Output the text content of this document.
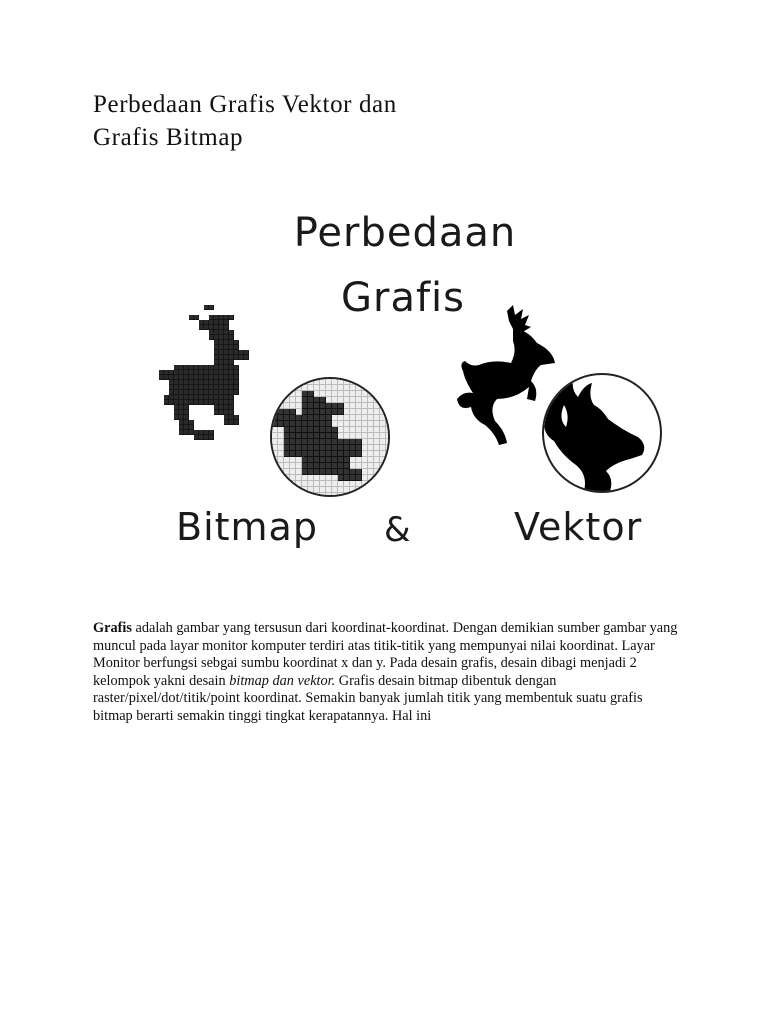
Perbedaan Grafis Vektor dan
Grafis Bitmap
Perbedaan
Grafis
Bitmap &	Vektor

Grafis adalah gambar yang tersusun dari koordinat-koordinat. Dengan demikian sumber gambar yang muncul pada layar monitor komputer terdiri atas titik-titik yang mempunyai nilai koordinat. Layar Monitor berfungsi sebgai sumbu koordinat x dan y. Pada desain grafis, desain dibagi menjadi 2 kelompok yakni desain bitmap dan vektor. Grafis desain bitmap dibentuk dengan raster/pixel/dot/titik/point koordinat. Semakin banyak jumlah titik yang membentuk suatu grafis bitmap berarti semakin tinggi tingkat kerapatannya. Hal ini
